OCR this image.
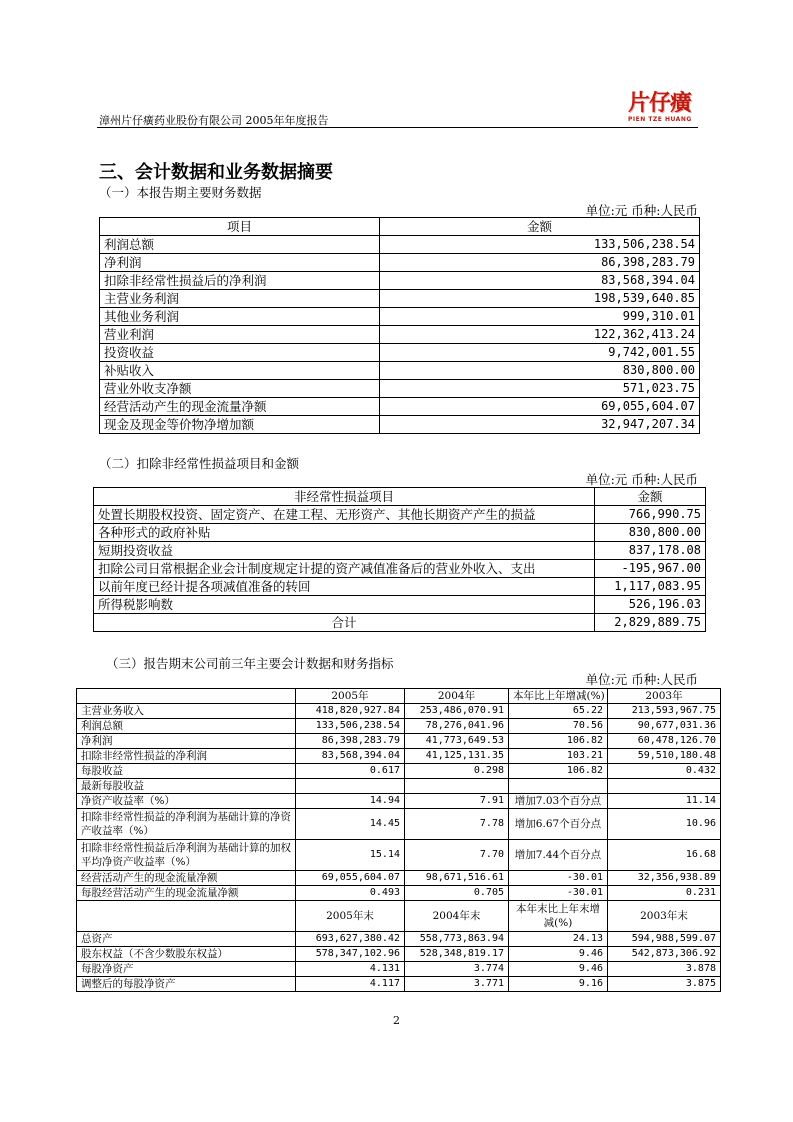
漳州片仔癀药业股份有限公司 2005年年度报告
片仔癀
PIEN TZE HUANG
三、会计数据和业务数据摘要
（一）本报告期主要财务数据
单位:元 币种:人民币
项目	金额
利润总额	133,506,238.54
净利润	86,398,283.79
扣除非经常性损益后的净利润	83,568,394.04
主营业务利润	198,539,640.85
其他业务利润	999,310.01
营业利润	122,362,413.24
投资收益	9,742,001.55
补贴收入	830,800.00
营业外收支净额	571,023.75
经营活动产生的现金流量净额	69,055,604.07
现金及现金等价物净增加额	32,947,207.34
（二）扣除非经常性损益项目和金额
单位:元 币种:人民币
非经常性损益项目	金额
处置长期股权投资、固定资产、在建工程、无形资产、其他长期资产产生的损益	766,990.75
各种形式的政府补贴	830,800.00
短期投资收益	837,178.08
扣除公司日常根据企业会计制度规定计提的资产减值准备后的营业外收入、支出	-195,967.00
以前年度已经计提各项减值准备的转回	1,117,083.95
所得税影响数	526,196.03
合计	2,829,889.75
（三）报告期末公司前三年主要会计数据和财务指标
单位:元 币种:人民币
	2005年	2004年	本年比上年增减(%)	2003年
主营业务收入	418,820,927.84	253,486,070.91	65.22	213,593,967.75
利润总额	133,506,238.54	78,276,041.96	70.56	90,677,031.36
净利润	86,398,283.79	41,773,649.53	106.82	60,478,126.70
扣除非经常性损益的净利润	83,568,394.04	41,125,131.35	103.21	59,510,180.48
每股收益	0.617	0.298	106.82	0.432
最新每股收益				
净资产收益率（%）	14.94	7.91	增加7.03个百分点	11.14
扣除非经常性损益的净利润为基础计算的净资产收益率（%）	14.45	7.78	增加6.67个百分点	10.96
扣除非经常性损益后净利润为基础计算的加权平均净资产收益率（%）	15.14	7.70	增加7.44个百分点	16.68
经营活动产生的现金流量净额	69,055,604.07	98,671,516.61	-30.01	32,356,938.89
每股经营活动产生的现金流量净额	0.493	0.705	-30.01	0.231
	2005年末	2004年末	本年末比上年末增减(%)	2003年末
总资产	693,627,380.42	558,773,863.94	24.13	594,988,599.07
股东权益（不含少数股东权益）	578,347,102.96	528,348,819.17	9.46	542,873,306.92
每股净资产	4.131	3.774	9.46	3.878
调整后的每股净资产	4.117	3.771	9.16	3.875
2
